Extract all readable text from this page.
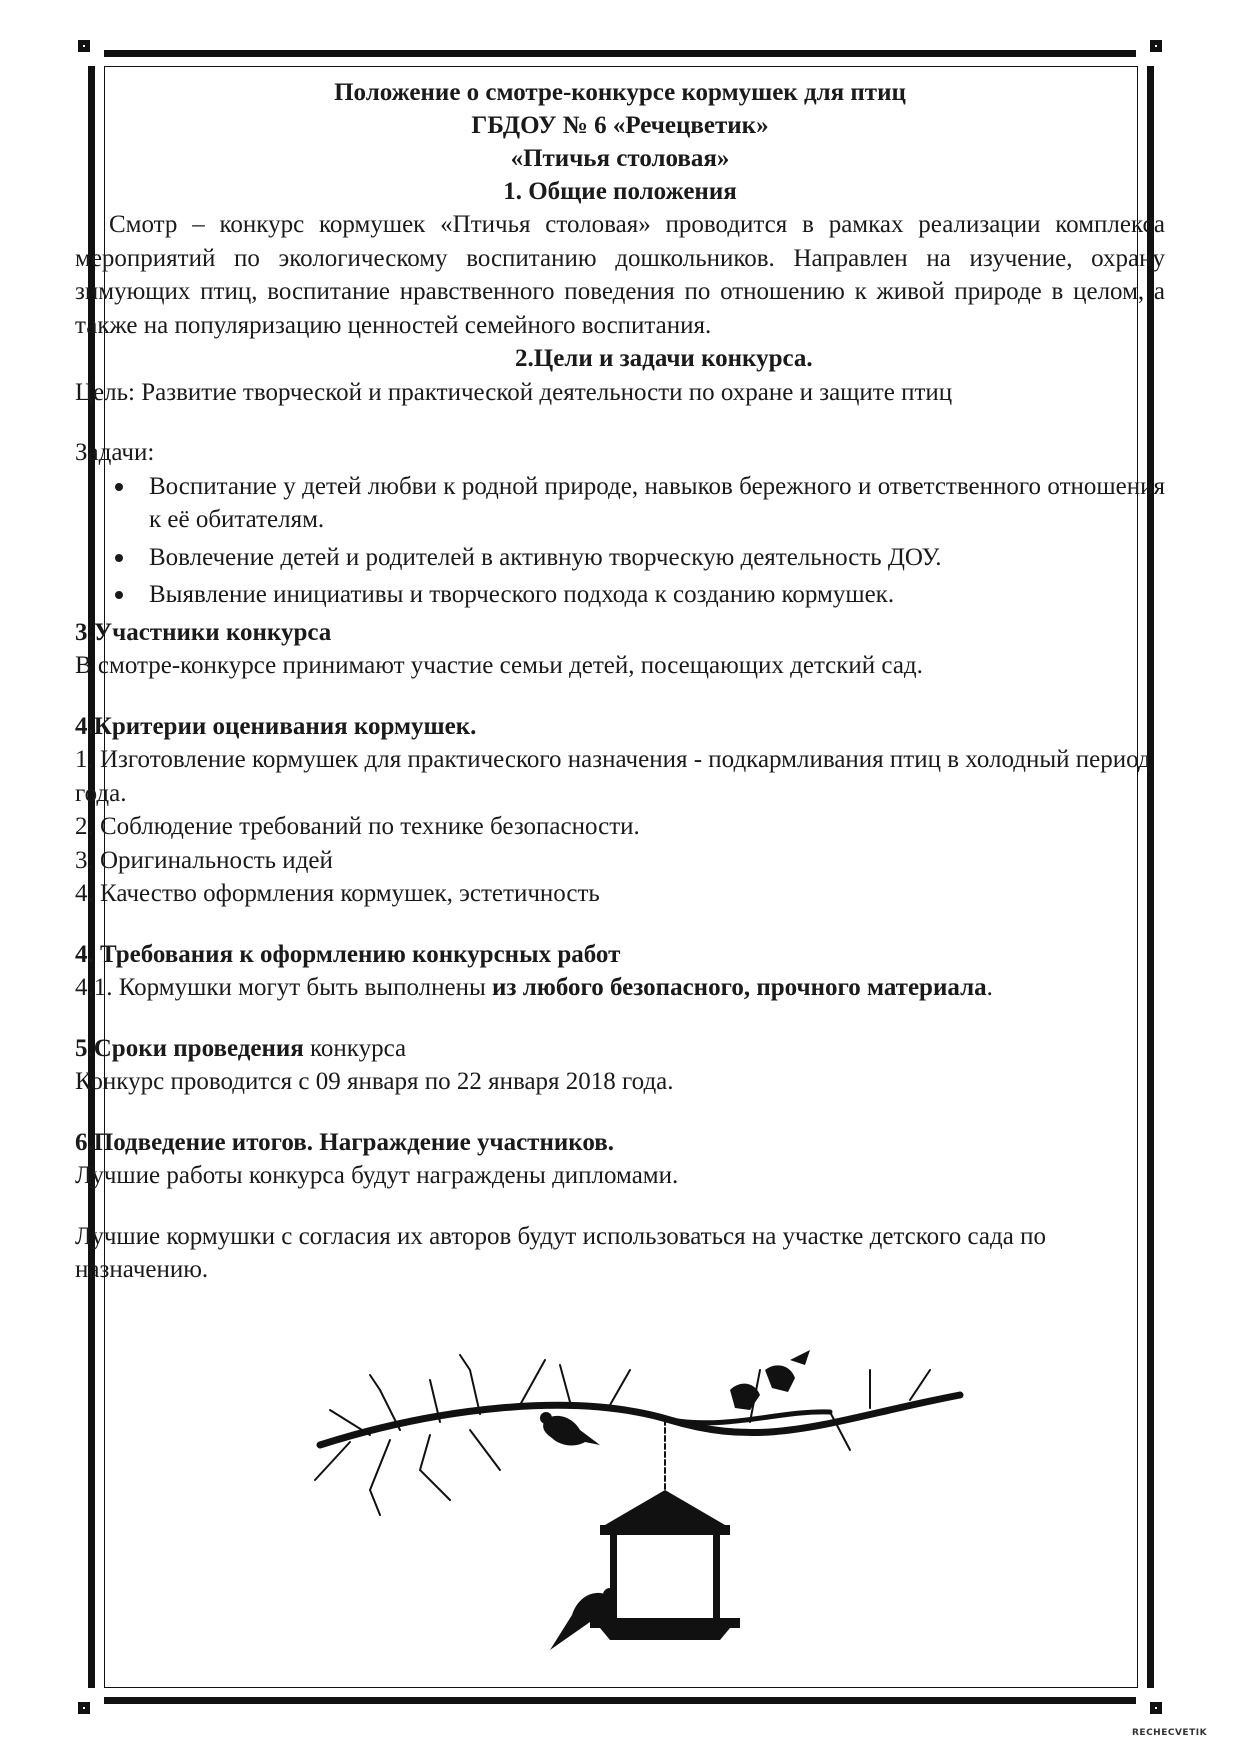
Положение о смотре-конкурсе кормушек для птиц

ГБДОУ № 6 «Речецветик»

«Птичья столовая»

1. Общие положения

Смотр – конкурс кормушек «Птичья столовая» проводится в рамках реализации комплекса мероприятий по экологическому воспитанию дошкольников. Направлен на изучение, охрану зимующих птиц, воспитание нравственного поведения по отношению к живой природе в целом, а также на популяризацию ценностей семейного воспитания.

2.Цели и задачи конкурса.

Цель: Развитие творческой и практической деятельности по охране и защите птиц

Задачи:

Воспитание у детей любви к родной природе, навыков бережного и ответственного отношения к её обитателям.
Вовлечение детей и родителей в активную творческую деятельность ДОУ.
Выявление инициативы и творческого подхода к созданию кормушек.

3.Участники конкурса

В смотре-конкурсе принимают участие семьи детей, посещающих детский сад.

4.Критерии оценивания кормушек.

1. Изготовление кормушек для практического назначения - подкармливания птиц в холодный период года.

2. Соблюдение требований по технике безопасности.

3. Оригинальность идей

4. Качество оформления кормушек, эстетичность

4. Требования к оформлению конкурсных работ

4.1. Кормушки могут быть выполнены из любого безопасного, прочного материала.

5.Сроки проведения конкурса

Конкурс проводится с 09 января по 22 января 2018 года.

6.Подведение итогов. Награждение участников.

Лучшие работы конкурса будут награждены дипломами.

Лучшие кормушки с согласия их авторов будут использоваться на участке детского сада по назначению.

RECHECVETIK
